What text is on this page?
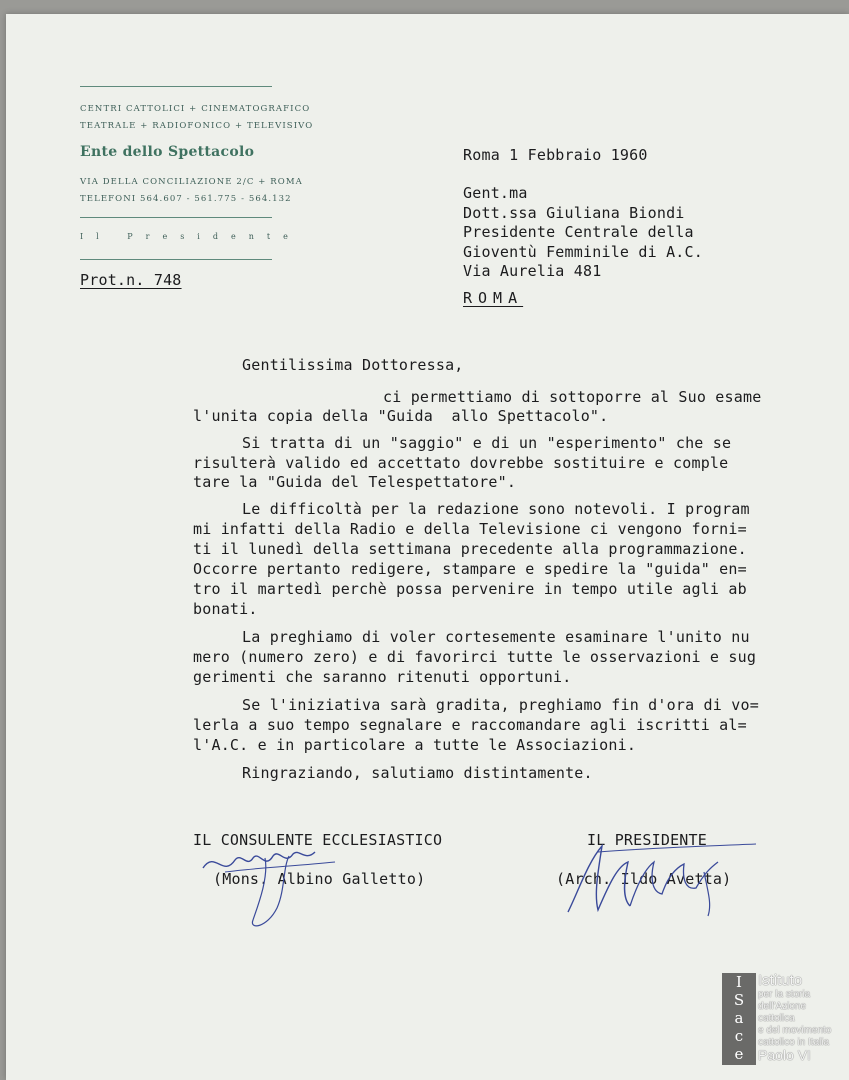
CENTRI CATTOLICI + CINEMATOGRAFICO
TEATRALE + RADIOFONICO + TELEVISIVO
Ente dello Spettacolo
VIA DELLA CONCILIAZIONE 2/C + ROMA
TELEFONI 564.607 - 561.775 - 564.132
Il Presidente
Prot.n. 748
Roma 1 Febbraio 1960
Gent.ma
Dott.ssa Giuliana Biondi
Presidente Centrale della
Gioventù Femminile di A.C.
Via Aurelia 481
ROMA
Gentilissima Dottoressa,
ci permettiamo di sottoporre al Suo esame
l'unita copia della "Guida  allo Spettacolo".
Si tratta di un "saggio" e di un "esperimento" che se
risulterà valido ed accettato dovrebbe sostituire e comple
tare la "Guida del Telespettatore".
Le difficoltà per la redazione sono notevoli. I program
mi infatti della Radio e della Televisione ci vengono forni=
ti il lunedì della settimana precedente alla programmazione.
Occorre pertanto redigere, stampare e spedire la "guida" en=
tro il martedì perchè possa pervenire in tempo utile agli ab
bonati.
La preghiamo di voler cortesemente esaminare l'unito nu
mero (numero zero) e di favorirci tutte le osservazioni e sug
gerimenti che saranno ritenuti opportuni.
Se l'iniziativa sarà gradita, preghiamo fin d'ora di vo=
lerla a suo tempo segnalare e raccomandare agli iscritti al=
l'A.C. e in particolare a tutte le Associazioni.
Ringraziando, salutiamo distintamente.
IL CONSULENTE ECCLESIASTICO
(Mons. Albino Galletto)
IL PRESIDENTE
(Arch. Ildo Avetta)
I
S
a
c
e
Istituto
per la storia
dell'Azione cattolica
e del movimento
cattolico in Italia
Paolo VI
